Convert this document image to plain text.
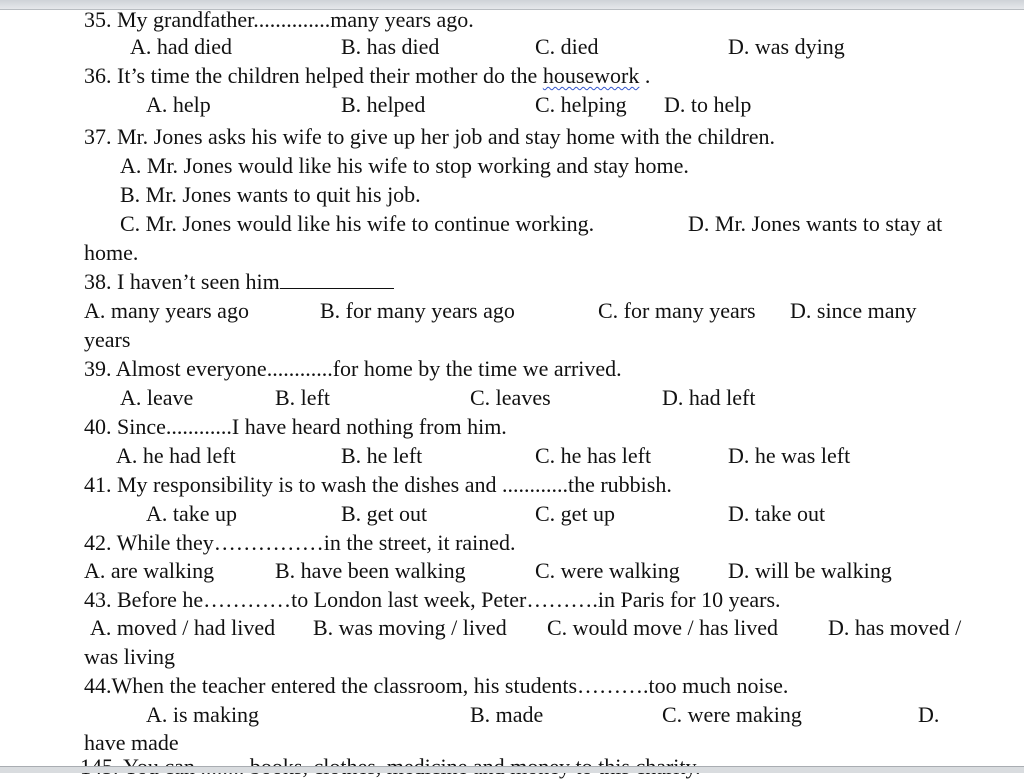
35. My grandfather..............many years ago.
A. had died	B. has died	C. died	D. was dying
36. It’s time the children helped their mother do the housework .
A. help	B. helped	C. helping D. to help
37. Mr. Jones asks his wife to give up her job and stay home with the children.
A. Mr. Jones would like his wife to stop working and stay home.
B. Mr. Jones wants to quit his job.
C. Mr. Jones would like his wife to continue working.	D. Mr. Jones wants to stay at
home.
38. I haven’t seen him
A. many years ago	B. for many years ago	C. for many years D. since many
years
39. Almost everyone............for home by the time we arrived.
A. leave	B. left	C. leaves	D. had left
40. Since............I have heard nothing from him.
A. he had left	B. he left	C. he has left	D. he was left
41. My responsibility is to wash the dishes and ............the rubbish.
A. take up	B. get out	C. get up	D. take out
42. While they……………in the street, it rained.
A. are walking	B. have been walking	C. were walking D. will be walking
43. Before he…………to London last week, Peter……….in Paris for 10 years.
A. moved / had lived B. was moving / lived C. would move / has lived D. has moved /
was living
44.When the teacher entered the classroom, his students……….too much noise.
A. is making	B. made	C. were making	D.
have made
